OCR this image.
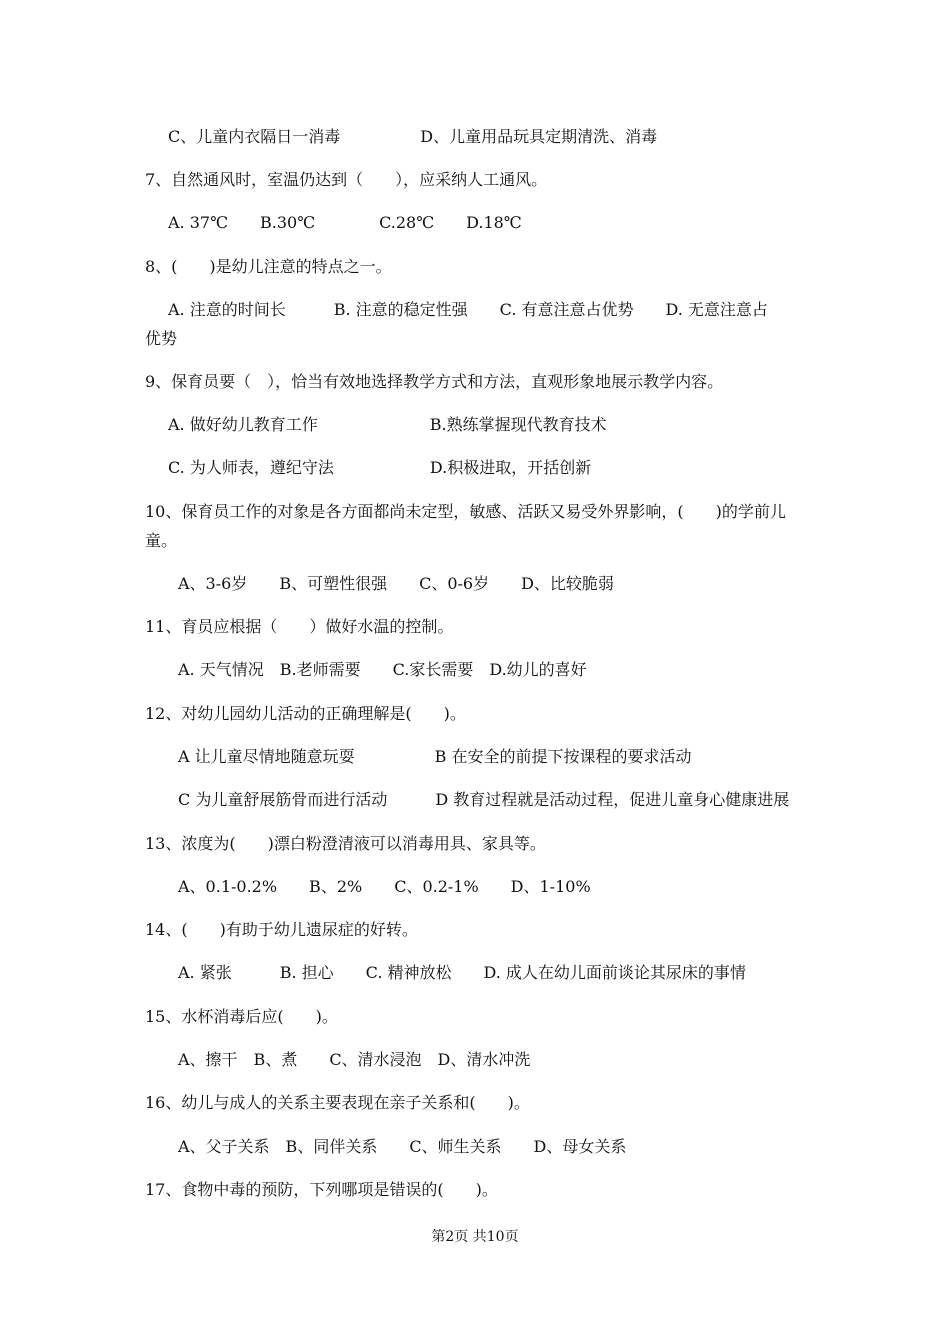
C、儿童内衣隔日一消毒　　　　　D、儿童用品玩具定期清洗、消毒
7、自然通风时，室温仍达到（　　），应采纳人工通风。
A. 37℃　　B.30℃　　　　C.28℃　　D.18℃
8、(　　)是幼儿注意的特点之一。
A. 注意的时间长　　　B. 注意的稳定性强　　C. 有意注意占优势　　D. 无意注意占
优势
9、保育员要（　），恰当有效地选择教学方式和方法，直观形象地展示教学内容。
A. 做好幼儿教育工作　　　　　　　B.熟练掌握现代教育技术
C. 为人师表，遵纪守法　　　　　　D.积极进取，开括创新
10、保育员工作的对象是各方面都尚未定型，敏感、活跃又易受外界影响，(　　)的学前儿
童。
A、3-6岁　　B、可塑性很强　　C、0-6岁　　D、比较脆弱
11、育员应根据（　　）做好水温的控制。
A. 天气情况　B.老师需要　　C.家长需要　D.幼儿的喜好
12、对幼儿园幼儿活动的正确理解是(　　)。
A 让儿童尽情地随意玩耍　　　　　B 在安全的前提下按课程的要求活动
C 为儿童舒展筋骨而进行活动　　　D 教育过程就是活动过程，促进儿童身心健康进展
13、浓度为(　　)漂白粉澄清液可以消毒用具、家具等。
A、0.1-0.2%　　B、2%　　C、0.2-1%　　D、1-10%
14、(　　)有助于幼儿遗尿症的好转。
A. 紧张　　　B. 担心　　C. 精神放松　　D. 成人在幼儿面前谈论其尿床的事情
15、水杯消毒后应(　　)。
A、擦干　B、煮　　C、清水浸泡　D、清水冲洗
16、幼儿与成人的关系主要表现在亲子关系和(　　)。
A、父子关系　B、同伴关系　　C、师生关系　　D、母女关系
17、食物中毒的预防，下列哪项是错误的(　　)。
第2页 共10页
